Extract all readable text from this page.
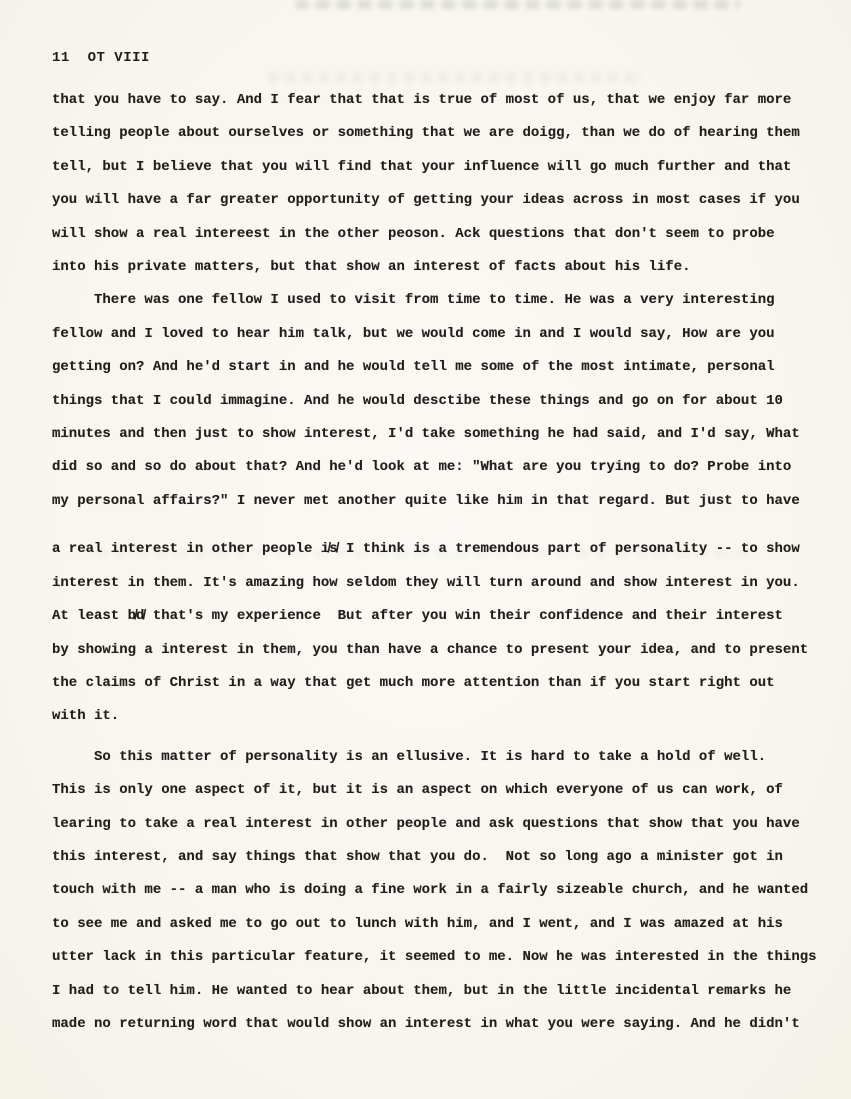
11  OT VIII
that you have to say. And I fear that that is true of most of us, that we enjoy far more
telling people about ourselves or something that we are doigg, than we do of hearing them
tell, but I believe that you will find that your influence will go much further and that
you will have a far greater opportunity of getting your ideas across in most cases if you
will show a real intereest in the other peoson. Ack questions that don't seem to probe
into his private matters, but that show an interest of facts about his life.
There was one fellow I used to visit from time to time. He was a very interesting
fellow and I loved to hear him talk, but we would come in and I would say, How are you
getting on? And he'd start in and he would tell me some of the most intimate, personal
things that I could immagine. And he would desctibe these things and go on for about 10
minutes and then just to show interest, I'd take something he had said, and I'd say, What
did so and so do about that? And he'd look at me: "What are you trying to do? Probe into
my personal affairs?" I never met another quite like him in that regard. But just to have
a real interest in other people i̸s̸ I think is a tremendous part of personality -- to show
interest in them. It's amazing how seldom they will turn around and show interest in you.
At least b̸d̸ that's my experience  But after you win their confidence and their interest
by showing a interest in them, you than have a chance to present your idea, and to present
the claims of Christ in a way that get much more attention than if you start right out
with it.
So this matter of personality is an ellusive. It is hard to take a hold of well.
This is only one aspect of it, but it is an aspect on which everyone of us can work, of
learing to take a real interest in other people and ask questions that show that you have
this interest, and say things that show that you do.  Not so long ago a minister got in
touch with me -- a man who is doing a fine work in a fairly sizeable church, and he wanted
to see me and asked me to go out to lunch with him, and I went, and I was amazed at his
utter lack in this particular feature, it seemed to me. Now he was interested in the things
I had to tell him. He wanted to hear about them, but in the little incidental remarks he
made no returning word that would show an interest in what you were saying. And he didn't
